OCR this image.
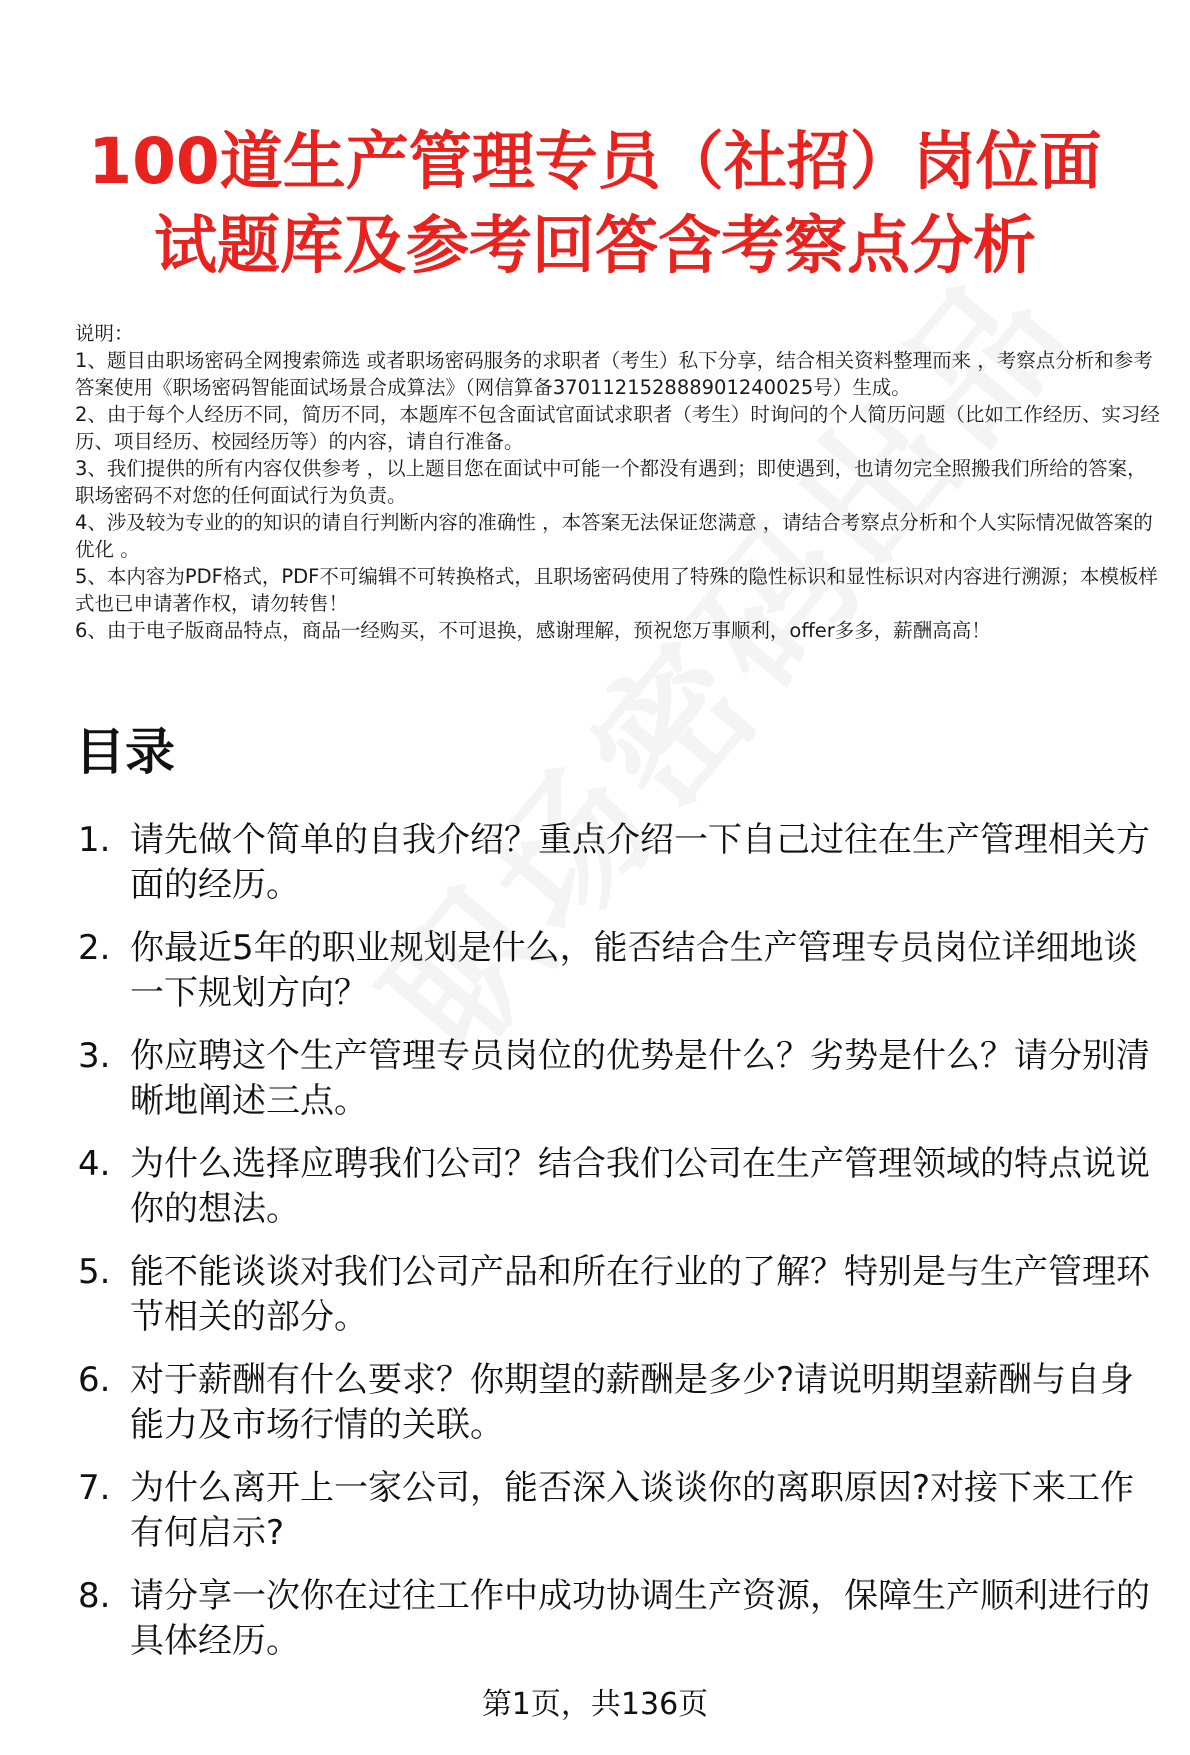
100道生产管理专员（社招）岗位面
试题库及参考回答含考察点分析

说明：

1、题目由职场密码全网搜索筛选 或者职场密码服务的求职者（考生）私下分享，结合相关资料整理而来 ，考察点分析和参考答案使用《职场密码智能面试场景合成算法》（网信算备370112152888901240025号）生成。

2、由于每个人经历不同，简历不同，本题库不包含面试官面试求职者（考生）时询问的个人简历问题（比如工作经历、实习经历、项目经历、校园经历等）的内容，请自行准备。

3、我们提供的所有内容仅供参考 ，以上题目您在面试中可能一个都没有遇到；即使遇到，也请勿完全照搬我们所给的答案，职场密码不对您的任何面试行为负责。

4、涉及较为专业的的知识的请自行判断内容的准确性 ，本答案无法保证您满意 ，请结合考察点分析和个人实际情况做答案的优化 。

5、本内容为PDF格式，PDF不可编辑不可转换格式，且职场密码使用了特殊的隐性标识和显性标识对内容进行溯源；本模板样式也已申请著作权，请勿转售！

6、由于电子版商品特点，商品一经购买，不可退换，感谢理解，预祝您万事顺利，offer多多，薪酬高高！

目录
1. 请先做个简单的自我介绍？重点介绍一下自己过往在生产管理相关方面的经历。
2. 你最近5年的职业规划是什么，能否结合生产管理专员岗位详细地谈一下规划方向？
3. 你应聘这个生产管理专员岗位的优势是什么？劣势是什么？请分别清晰地阐述三点。
4. 为什么选择应聘我们公司？结合我们公司在生产管理领域的特点说说你的想法。
5. 能不能谈谈对我们公司产品和所在行业的了解？特别是与生产管理环节相关的部分。
6. 对于薪酬有什么要求？你期望的薪酬是多少?请说明期望薪酬与自身能力及市场行情的关联。
7. 为什么离开上一家公司，能否深入谈谈你的离职原因?对接下来工作有何启示?
8. 请分享一次你在过往工作中成功协调生产资源，保障生产顺利进行的具体经历。
第1页，共136页
